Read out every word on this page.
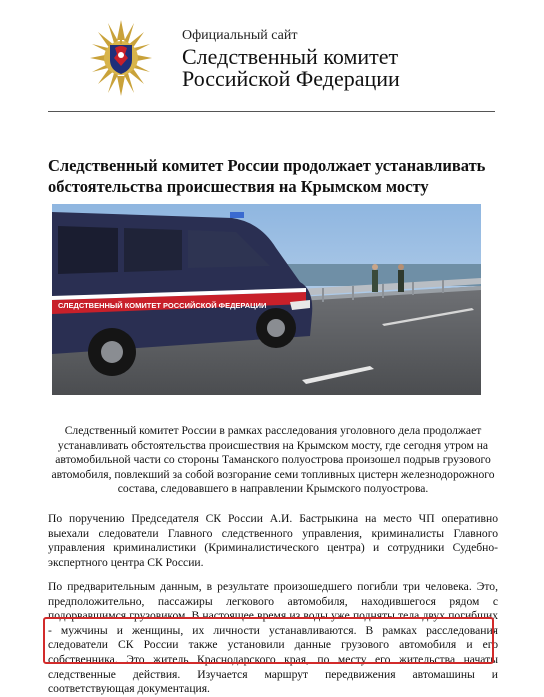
Официальный сайт
Следственный комитет
Российской Федерации
Следственный комитет России продолжает устанавливать обстоятельства происшествия на Крымском мосту
СЛЕДСТВЕННЫЙ КОМИТЕТ РОССИЙСКОЙ ФЕДЕРАЦИИ
Следственный комитет России в рамках расследования уголовного дела продолжает устанавливать обстоятельства происшествия на Крымском мосту, где сегодня утром на автомобильной части со стороны Таманского полуострова произошел подрыв грузового автомобиля, повлекший за собой возгорание семи топливных цистерн железнодорожного состава, следовавшего в направлении Крымского полуострова.
По поручению Председателя СК России А.И. Бастрыкина на место ЧП оперативно выехали следователи Главного следственного управления, криминалисты Главного управления криминалистики (Криминалистического центра) и сотрудники Судебно-экспертного центра СК России.
По предварительным данным, в результате произошедшего погибли три человека. Это, предположительно, пассажиры легкового автомобиля, находившегося рядом с подорвавшимся грузовиком. В настоящее время из воды уже подняты тела двух погибших - мужчины и женщины, их личности устанавливаются. В рамках расследования следователи СК России также установили данные грузового автомобиля и его собственника. Это житель Краснодарского края, по месту его жительства начаты следственные действия. Изучается маршрут передвижения автомашины и соответствующая документация.
